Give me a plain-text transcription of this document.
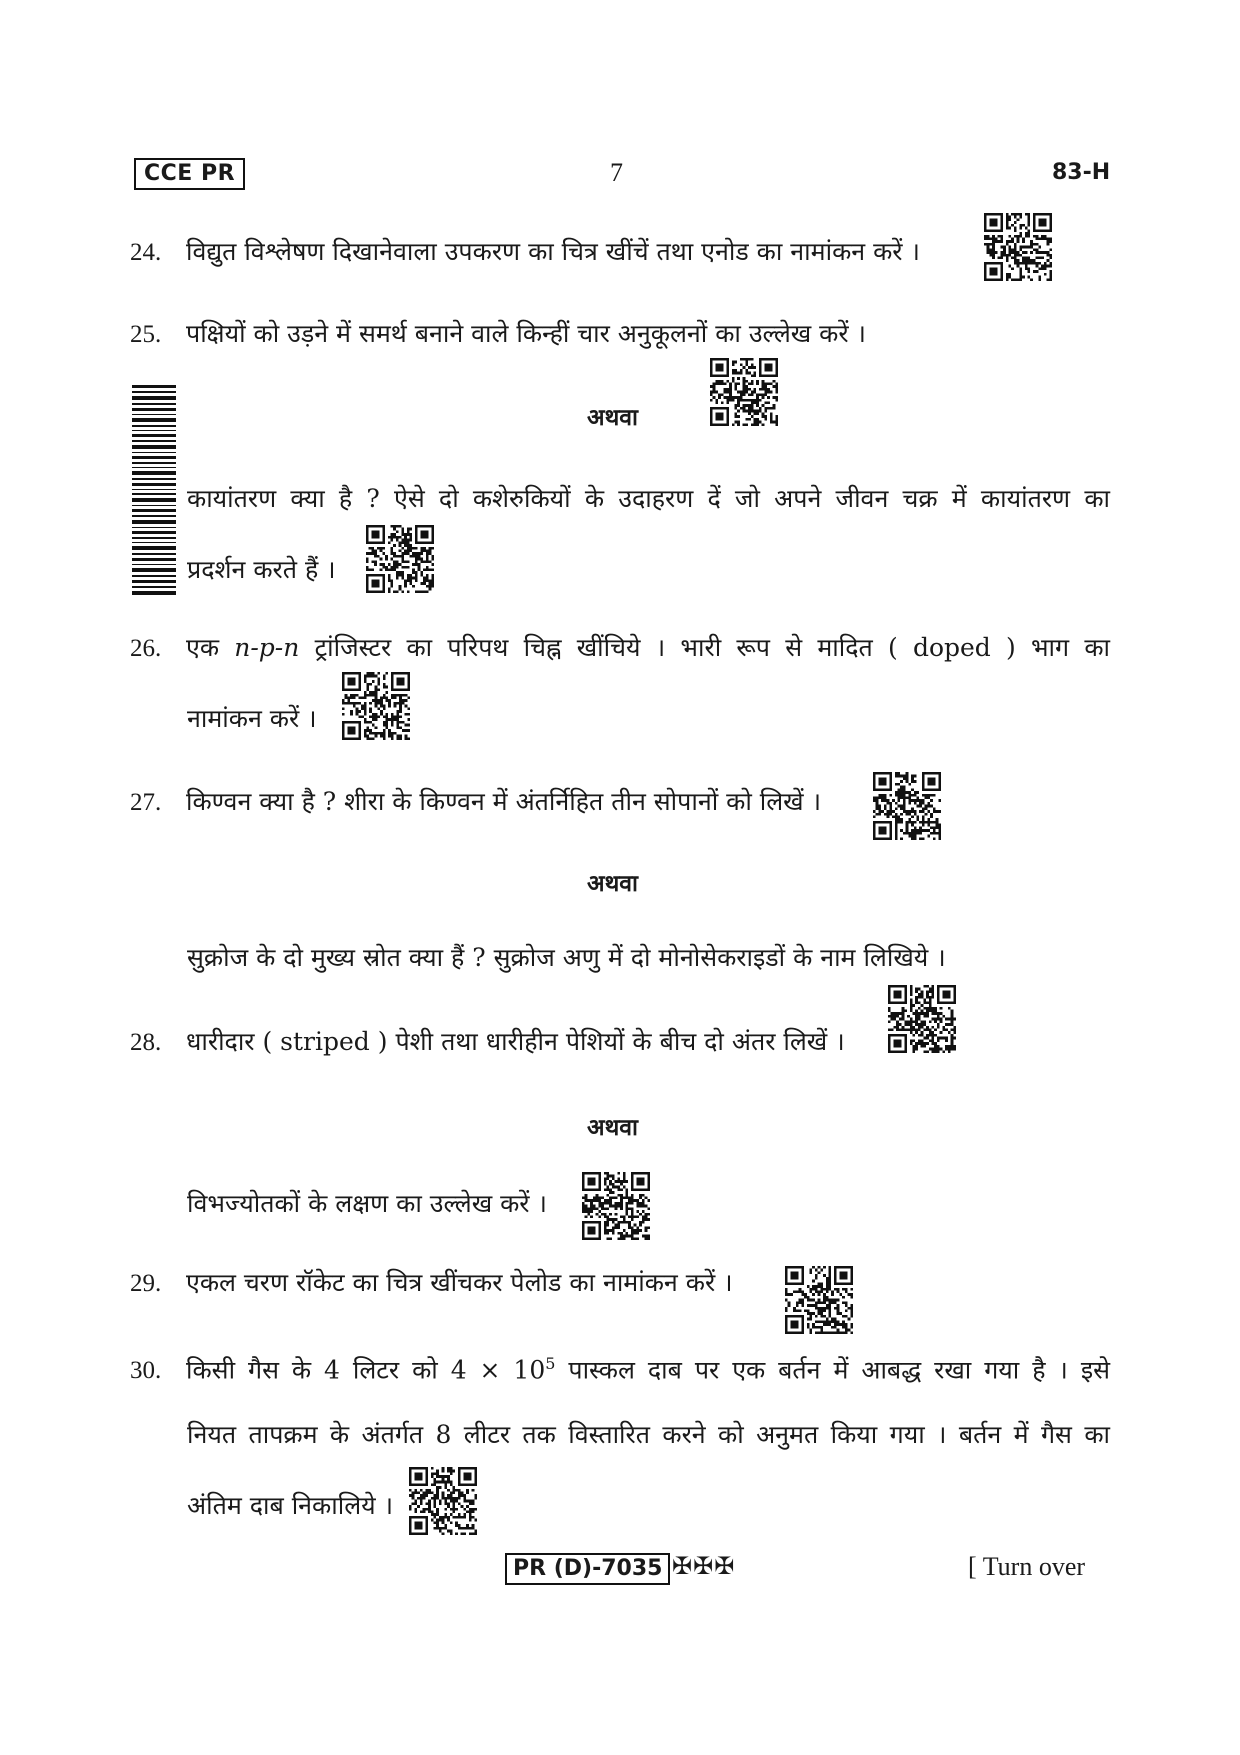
CCE PR	7	83-H
24. विद्युत विश्लेषण दिखानेवाला उपकरण का चित्र खींचें तथा एनोड का नामांकन करें ।
25. पक्षियों को उड़ने में समर्थ बनाने वाले किन्हीं चार अनुकूलनों का उल्लेख करें ।
अथवा
कायांतरण क्या है ? ऐसे दो कशेरुकियों के उदाहरण दें जो अपने जीवन चक्र में कायांतरण का
प्रदर्शन करते हैं ।
26. एक n-p-n ट्रांजिस्टर का परिपथ चिह्न खींचिये । भारी रूप से मादित ( doped ) भाग का
नामांकन करें ।
27. किण्वन क्या है ? शीरा के किण्वन में अंतर्निहित तीन सोपानों को लिखें ।
अथवा
सुक्रोज के दो मुख्य स्रोत क्या हैं ? सुक्रोज अणु में दो मोनोसेकराइडों के नाम लिखिये ।
28. धारीदार ( striped ) पेशी तथा धारीहीन पेशियों के बीच दो अंतर लिखें ।
अथवा
विभज्योतकों के लक्षण का उल्लेख करें ।
29. एकल चरण रॉकेट का चित्र खींचकर पेलोड का नामांकन करें ।
30. किसी गैस के 4 लिटर को $4 \times 10^5$ पास्कल दाब पर एक बर्तन में आबद्ध रखा गया है । इसे
नियत तापक्रम के अंतर्गत 8 लीटर तक विस्तारित करने को अनुमत किया गया । बर्तन में गैस का
अंतिम दाब निकालिये ।
PR (D)-7035 ✠✠✠	[ Turn over
